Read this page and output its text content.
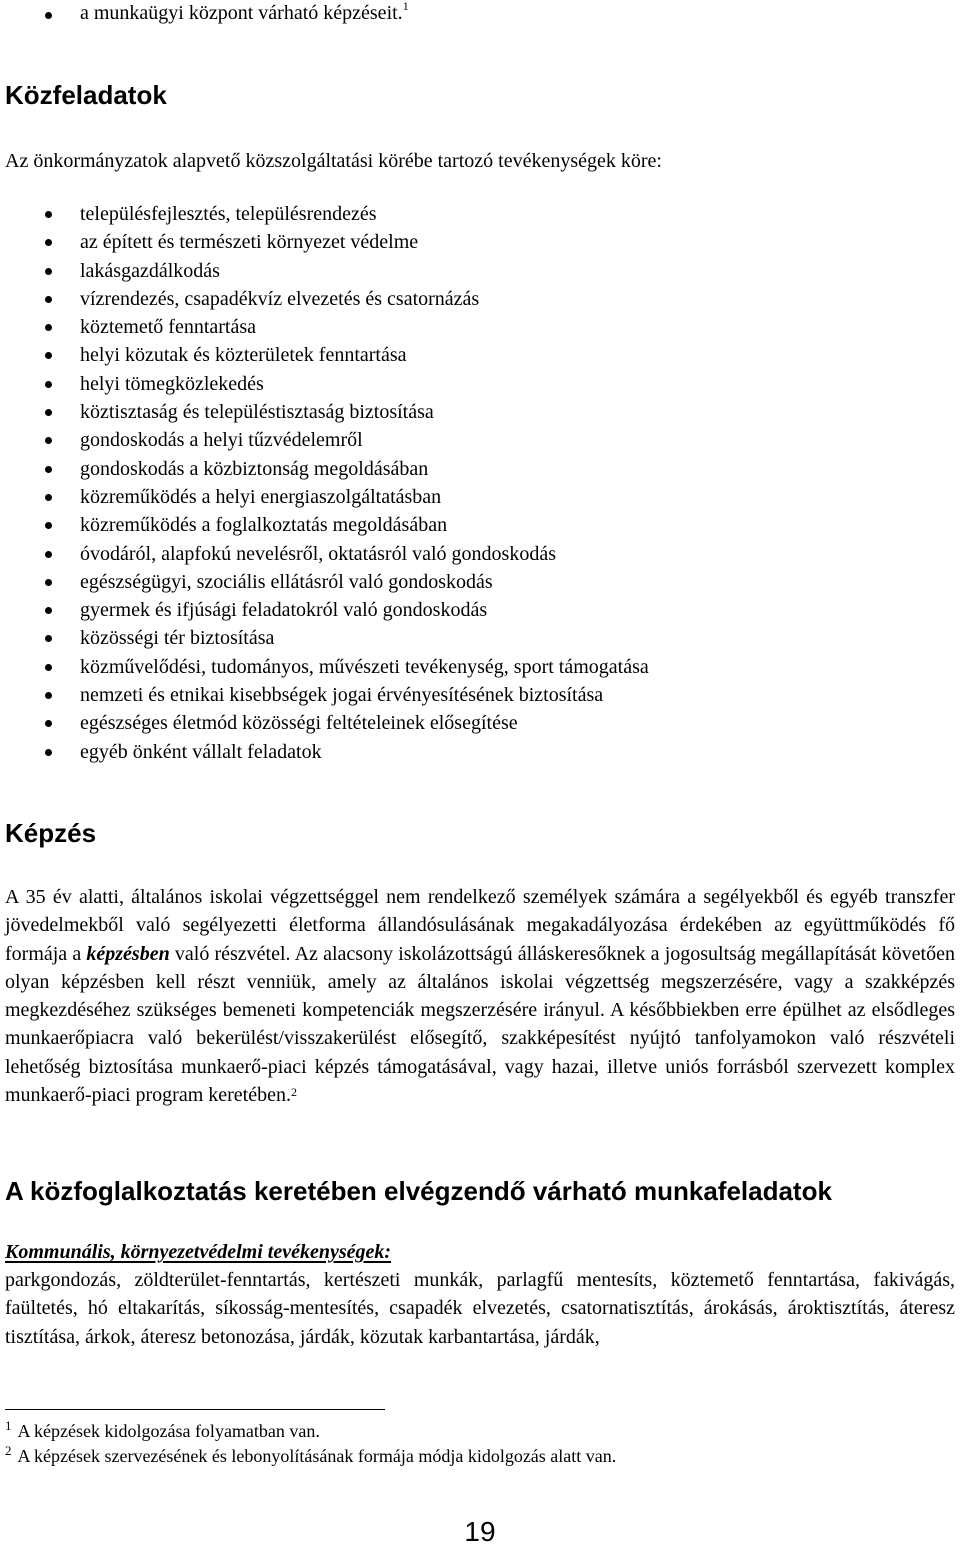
a munkaügyi központ várható képzéseit.$^1$
Közfeladatok
Az önkormányzatok alapvető közszolgáltatási körébe tartozó tevékenységek köre:
településfejlesztés, településrendezés
az épített és természeti környezet védelme
lakásgazdálkodás
vízrendezés, csapadékvíz elvezetés és csatornázás
köztemető fenntartása
helyi közutak és közterületek fenntartása
helyi tömegközlekedés
köztisztaság és településtisztaság biztosítása
gondoskodás a helyi tűzvédelemről
gondoskodás a közbiztonság megoldásában
közreműködés a helyi energiaszolgáltatásban
közreműködés a foglalkoztatás megoldásában
óvodáról, alapfokú nevelésről, oktatásról való gondoskodás
egészségügyi, szociális ellátásról való gondoskodás
gyermek és ifjúsági feladatokról való gondoskodás
közösségi tér biztosítása
közművelődési, tudományos, művészeti tevékenység, sport támogatása
nemzeti és etnikai kisebbségek jogai érvényesítésének biztosítása
egészséges életmód közösségi feltételeinek elősegítése
egyéb önként vállalt feladatok
Képzés

A 35 év alatti, általános iskolai végzettséggel nem rendelkező személyek számára a segélyekből és egyéb transzfer jövedelmekből való segélyezetti életforma állandósulásának megakadályozása érdekében az együttműködés fő formája a képzésben való részvétel. Az alacsony iskolázottságú álláskeresőknek a jogosultság megállapítását követően olyan képzésben kell részt venniük, amely az általános iskolai végzettség megszerzésére, vagy a szakképzés megkezdéséhez szükséges bemeneti kompetenciák megszerzésére irányul. A későbbiekben erre épülhet az elsődleges munkaerőpiacra való bekerülést/visszakerülést elősegítő, szakképesítést nyújtó tanfolyamokon való részvételi lehetőség biztosítása munkaerő-piaci képzés támogatásával, vagy hazai, illetve uniós forrásból szervezett komplex munkaerő-piaci program keretében.$^2$

A közfoglalkoztatás keretében elvégzendő várható munkafeladatok
Kommunális, környezetvédelmi tevékenységek:

parkgondozás, zöldterület-fenntartás, kertészeti munkák, parlagfű mentesíts, köztemető fenntartása, fakivágás, faültetés, hó eltakarítás, síkosság-mentesítés, csapadék elvezetés, csatornatisztítás, árokásás, ároktisztítás, áteresz tisztítása, árkok, áteresz betonozása, járdák, közutak karbantartása, járdák,

$^1$ A képzések kidolgozása folyamatban van.
$^2$ A képzések szervezésének és lebonyolításának formája módja kidolgozás alatt van.
19
